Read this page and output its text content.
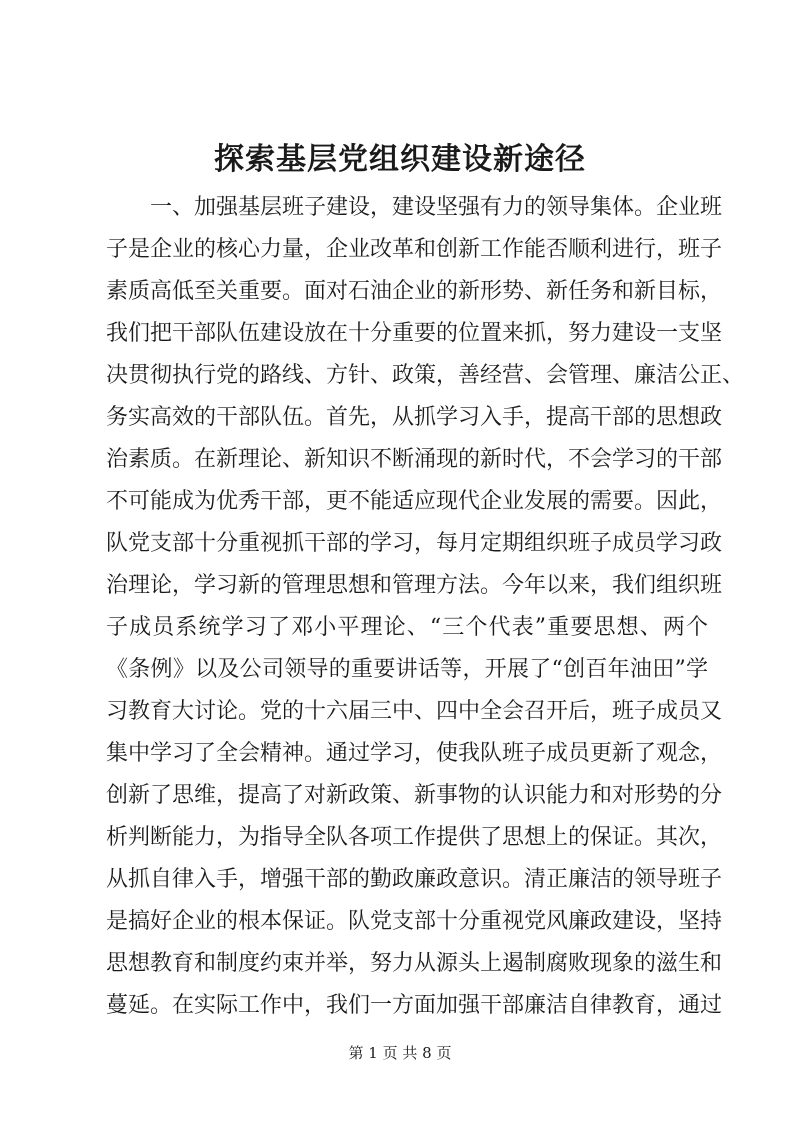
探索基层党组织建设新途径

一、加强基层班子建设，建设坚强有力的领导集体。企业班

子是企业的核心力量，企业改革和创新工作能否顺利进行，班子

素质高低至关重要。面对石油企业的新形势、新任务和新目标，

我们把干部队伍建设放在十分重要的位置来抓，努力建设一支坚

决贯彻执行党的路线、方针、政策，善经营、会管理、廉洁公正、

务实高效的干部队伍。首先，从抓学习入手，提高干部的思想政

治素质。在新理论、新知识不断涌现的新时代，不会学习的干部

不可能成为优秀干部，更不能适应现代企业发展的需要。因此，

队党支部十分重视抓干部的学习，每月定期组织班子成员学习政

治理论，学习新的管理思想和管理方法。今年以来，我们组织班

子成员系统学习了邓小平理论、“三个代表”重要思想、两个

《条例》以及公司领导的重要讲话等，开展了“创百年油田”学

习教育大讨论。党的十六届三中、四中全会召开后，班子成员又

集中学习了全会精神。通过学习，使我队班子成员更新了观念，

创新了思维，提高了对新政策、新事物的认识能力和对形势的分

析判断能力，为指导全队各项工作提供了思想上的保证。其次，

从抓自律入手，增强干部的勤政廉政意识。清正廉洁的领导班子

是搞好企业的根本保证。队党支部十分重视党风廉政建设，坚持

思想教育和制度约束并举，努力从源头上遏制腐败现象的滋生和

蔓延。在实际工作中，我们一方面加强干部廉洁自律教育，通过

第 1 页 共 8 页
